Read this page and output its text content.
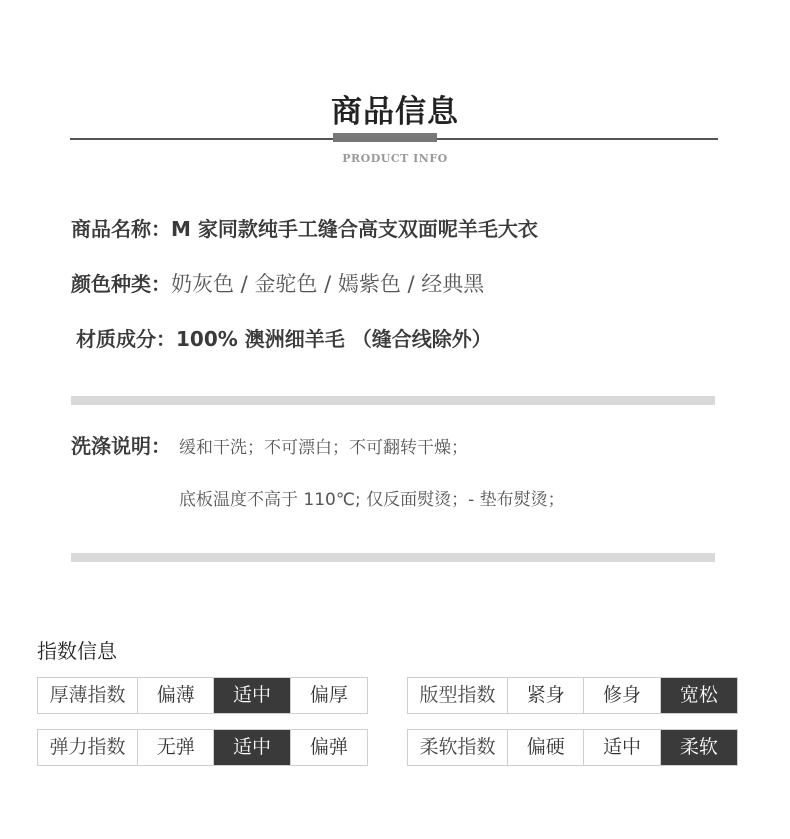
商品信息
PRODUCT INFO
商品名称：M 家同款纯手工缝合高支双面呢羊毛大衣
颜色种类：奶灰色 / 金驼色 / 嫣紫色 / 经典黑
材质成分：100% 澳洲细羊毛 （缝合线除外）
洗涤说明： 缓和干洗；不可漂白；不可翻转干燥；
底板温度不高于 110℃; 仅反面熨烫；- 垫布熨烫；
指数信息
厚薄指数	偏薄	适中	偏厚	版型指数	紧身	修身	宽松
弹力指数	无弹	适中	偏弹	柔软指数	偏硬	适中	柔软
